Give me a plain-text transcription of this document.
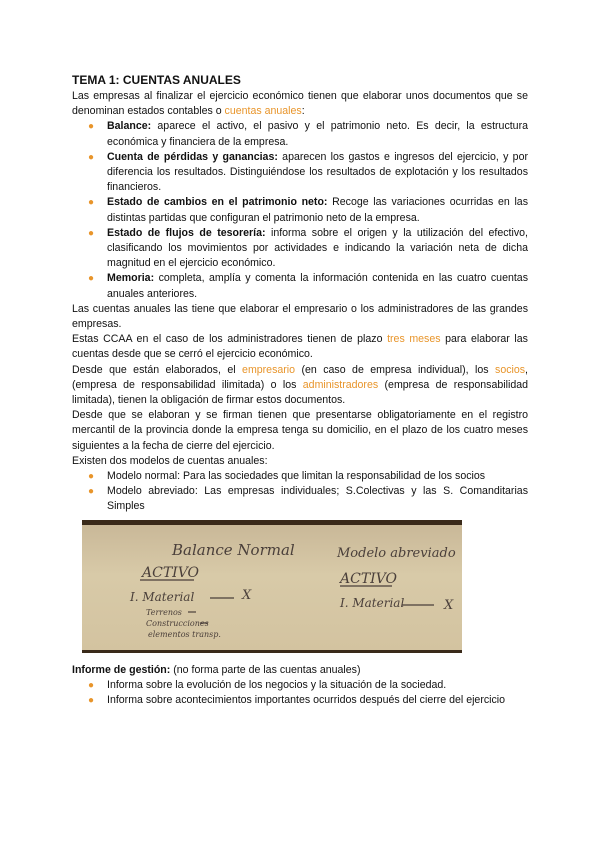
TEMA 1: CUENTAS ANUALES

Las empresas al finalizar el ejercicio económico tienen que elaborar unos documentos que se denominan estados contables o cuentas anuales:

● Balance: aparece el activo, el pasivo y el patrimonio neto. Es decir, la estructura económica y financiera de la empresa.
● Cuenta de pérdidas y ganancias: aparecen los gastos e ingresos del ejercicio, y por diferencia los resultados. Distinguiéndose los resultados de explotación y los resultados financieros.
● Estado de cambios en el patrimonio neto: Recoge las variaciones ocurridas en las distintas partidas que configuran el patrimonio neto de la empresa.
● Estado de flujos de tesorería: informa sobre el origen y la utilización del efectivo, clasificando los movimientos por actividades e indicando la variación neta de dicha magnitud en el ejercicio económico.
● Memoria: completa, amplía y comenta la información contenida en las cuatro cuentas anuales anteriores.

Las cuentas anuales las tiene que elaborar el empresario o los administradores de las grandes empresas.

Estas CCAA en el caso de los administradores tienen de plazo tres meses para elaborar las cuentas desde que se cerró el ejercicio económico.

Desde que están elaborados, el empresario (en caso de empresa individual), los socios, (empresa de responsabilidad ilimitada) o los administradores (empresa de responsabilidad limitada), tienen la obligación de firmar estos documentos.

Desde que se elaboran y se firman tienen que presentarse obligatoriamente en el registro mercantil de la provincia donde la empresa tenga su domicilio, en el plazo de los cuatro meses siguientes a la fecha de cierre del ejercicio.

Existen dos modelos de cuentas anuales:

● Modelo normal: Para las sociedades que limitan la responsabilidad de los socios
● Modelo abreviado: Las empresas individuales; S.Colectivas y las S. Comanditarias Simples
Balance Normal
ACTIVO
I. Material	X
Terrenos
Construcciones
elementos transp.
Modelo abreviado
ACTIVO
I. Material	X

Informe de gestión: (no forma parte de las cuentas anuales)

● Informa sobre la evolución de los negocios y la situación de la sociedad.
● Informa sobre acontecimientos importantes ocurridos después del cierre del ejercicio
